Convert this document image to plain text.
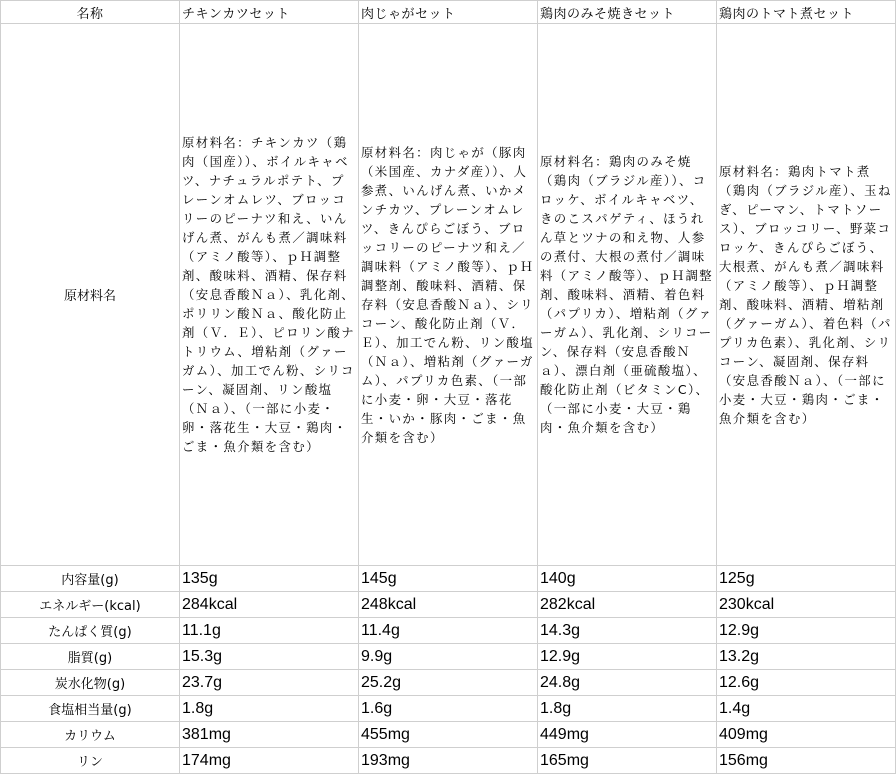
名称	チキンカツセット	肉じゃがセット	鶏肉のみそ焼きセット	鶏肉のトマト煮セット
原材料名	原材料名：チキンカツ（鶏肉（国産））、ボイルキャベツ、ナチュラルポテト、プレーンオムレツ、ブロッコリーのピーナツ和え、いんげん煮、がんも煮／調味料（アミノ酸等）、ｐＨ調整剤、酸味料、酒精、保存料（安息香酸Ｎａ）、乳化剤、ポリリン酸Ｎａ、酸化防止剤（Ｖ．Ｅ）、ピロリン酸ナトリウム、増粘剤（グァーガム）、加工でん粉、シリコーン、凝固剤、リン酸塩（Ｎａ）、（一部に小麦・卵・落花生・大豆・鶏肉・ごま・魚介類を含む）	原材料名：肉じゃが（豚肉（米国産、カナダ産））、人参煮、いんげん煮、いかメンチカツ、プレーンオムレツ、きんぴらごぼう、ブロッコリーのピーナツ和え／調味料（アミノ酸等）、ｐＨ調整剤、酸味料、酒精、保存料（安息香酸Ｎａ）、シリコーン、酸化防止剤（Ｖ．Ｅ）、加工でん粉、リン酸塩（Ｎａ）、増粘剤（グァーガム）、パプリカ色素、（一部に小麦・卵・大豆・落花生・いか・豚肉・ごま・魚介類を含む）	原材料名：鶏肉のみそ焼（鶏肉（ブラジル産））、コロッケ、ボイルキャベツ、きのこスパゲティ、ほうれん草とツナの和え物、人参の煮付、大根の煮付／調味料（アミノ酸等）、ｐＨ調整剤、酸味料、酒精、着色料（パプリカ）、増粘剤（グァーガム）、乳化剤、シリコーン、保存料（安息香酸Ｎａ）、漂白剤（亜硫酸塩）、酸化防止剤（ビタミンC）、（一部に小麦・大豆・鶏肉・魚介類を含む）	原材料名：鶏肉トマト煮（鶏肉（ブラジル産）、玉ねぎ、ピーマン、トマトソース）、ブロッコリー、野菜コロッケ、きんぴらごぼう、大根煮、がんも煮／調味料（アミノ酸等）、ｐＨ調整剤、酸味料、酒精、増粘剤（グァーガム）、着色料（パプリカ色素）、乳化剤、シリコーン、凝固剤、保存料（安息香酸Ｎａ）、（一部に小麦・大豆・鶏肉・ごま・魚介類を含む）
内容量(g)	135g	145g	140g	125g
エネルギー(kcal)	284kcal	248kcal	282kcal	230kcal
たんぱく質(g)	11.1g	11.4g	14.3g	12.9g
脂質(g)	15.3g	9.9g	12.9g	13.2g
炭水化物(g)	23.7g	25.2g	24.8g	12.6g
食塩相当量(g)	1.8g	1.6g	1.8g	1.4g
カリウム	381mg	455mg	449mg	409mg
リン	174mg	193mg	165mg	156mg
